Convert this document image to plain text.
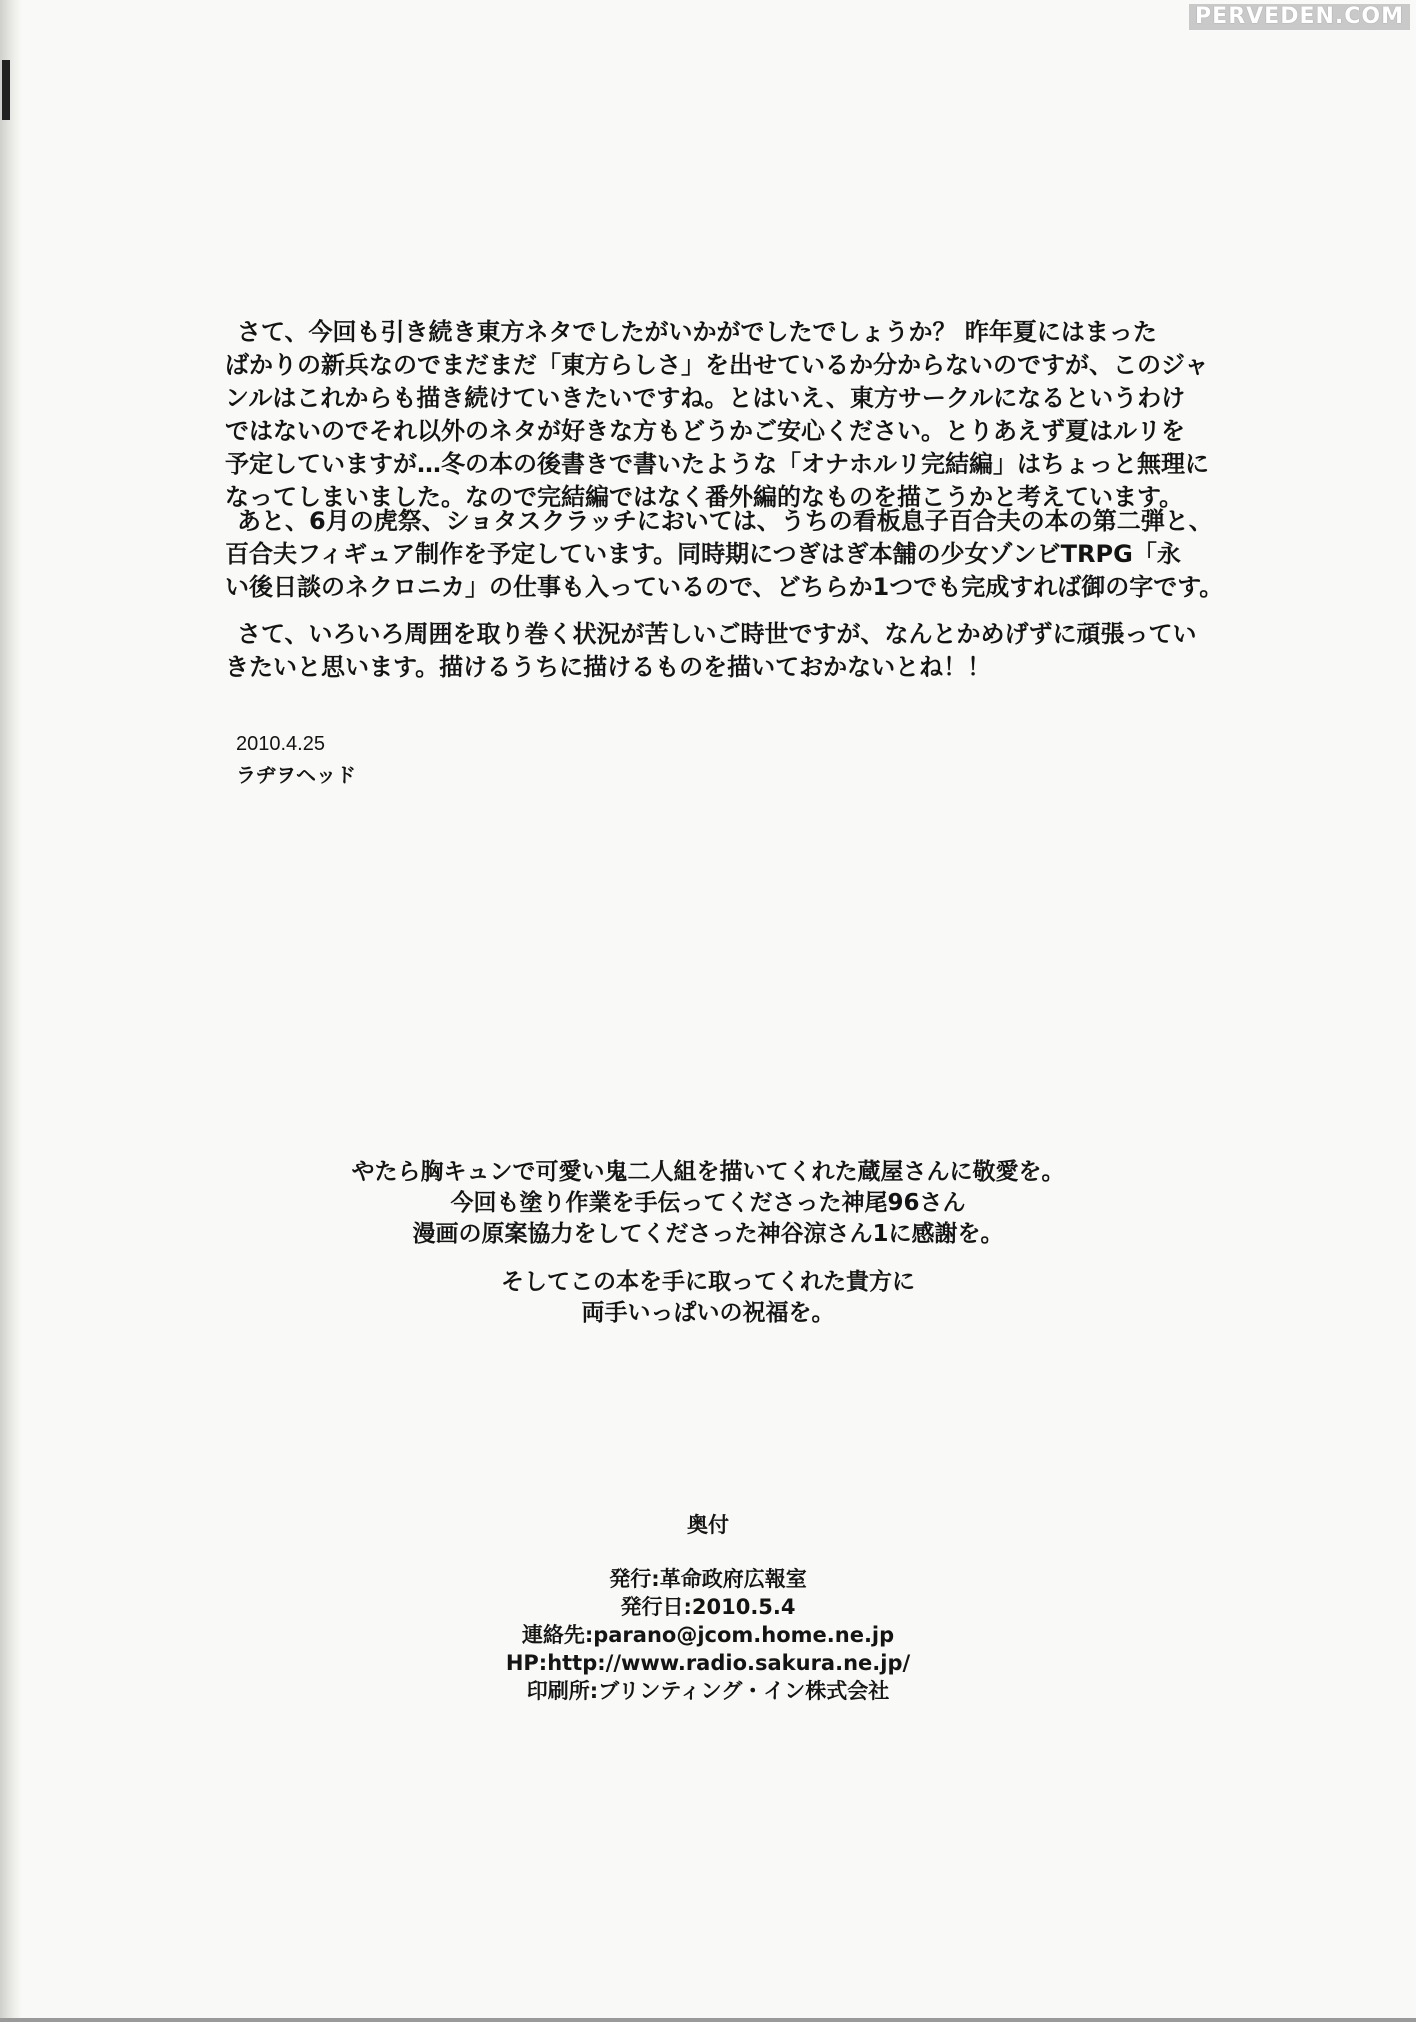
PERVEDEN.COM
さて、今回も引き続き東方ネタでしたがいかがでしたでしょうか？ 昨年夏にはまった
ばかりの新兵なのでまだまだ「東方らしさ」を出せているか分からないのですが、このジャ
ンルはこれからも描き続けていきたいですね。とはいえ、東方サークルになるというわけ
ではないのでそれ以外のネタが好きな方もどうかご安心ください。とりあえず夏はルリを
予定していますが…冬の本の後書きで書いたような「オナホルリ完結編」はちょっと無理に
なってしまいました。なので完結編ではなく番外編的なものを描こうかと考えています。
あと、6月の虎祭、ショタスクラッチにおいては、うちの看板息子百合夫の本の第二弾と、
百合夫フィギュア制作を予定しています。同時期につぎはぎ本舗の少女ゾンビTRPG「永
い後日談のネクロニカ」の仕事も入っているので、どちらか1つでも完成すれば御の字です。
さて、いろいろ周囲を取り巻く状況が苦しいご時世ですが、なんとかめげずに頑張ってい
きたいと思います。描けるうちに描けるものを描いておかないとね！！
2010.4.25
ラヂヲヘッド
やたら胸キュンで可愛い鬼二人組を描いてくれた蔵屋さんに敬愛を。
今回も塗り作業を手伝ってくださった神尾96さん
漫画の原案協力をしてくださった神谷涼さん1に感謝を。
そしてこの本を手に取ってくれた貴方に
両手いっぱいの祝福を。
奥付
発行:革命政府広報室
発行日:2010.5.4
連絡先:parano@jcom.home.ne.jp
HP:http://www.radio.sakura.ne.jp/
印刷所:ブリンティング・イン株式会社
